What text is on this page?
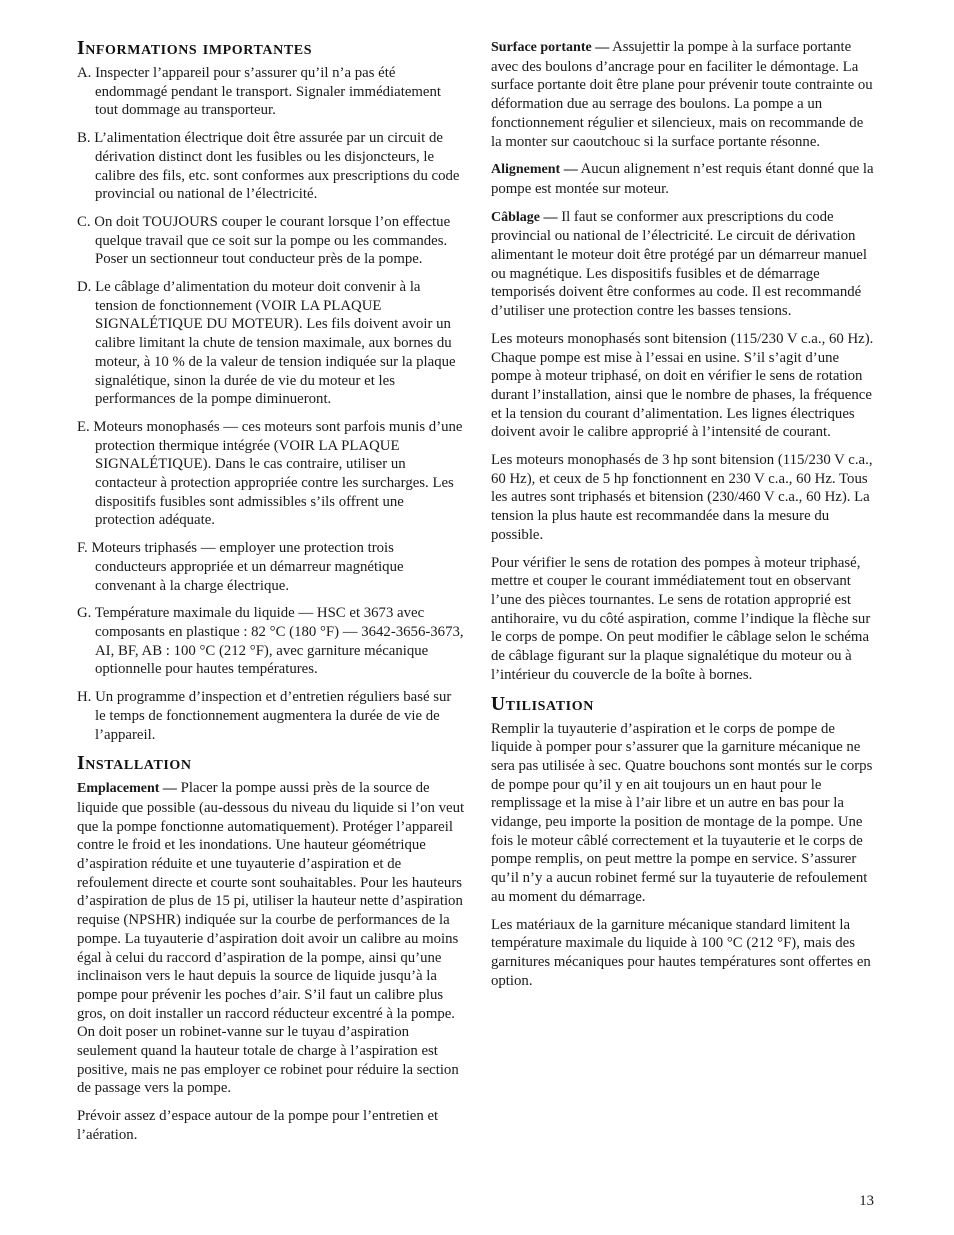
Informations importantes

A. Inspecter l’appareil pour s’assurer qu’il n’a pas été endommagé pendant le transport. Signaler immédiatement tout dommage au transporteur.

B. L’alimentation électrique doit être assurée par un circuit de dérivation distinct dont les fusibles ou les disjoncteurs, le calibre des fils, etc. sont conformes aux prescriptions du code provincial ou national de l’électricité.

C. On doit TOUJOURS couper le courant lorsque l’on effectue quelque travail que ce soit sur la pompe ou les commandes. Poser un sectionneur tout conducteur près de la pompe.

D. Le câblage d’alimentation du moteur doit convenir à la tension de fonctionnement (VOIR LA PLAQUE SIGNALÉTIQUE DU MOTEUR). Les fils doivent avoir un calibre limitant la chute de tension maximale, aux bornes du moteur, à 10 % de la valeur de tension indiquée sur la plaque signalétique, sinon la durée de vie du moteur et les performances de la pompe diminueront.

E. Moteurs monophasés — ces moteurs sont parfois munis d’une protection thermique intégrée (VOIR LA PLAQUE SIGNALÉTIQUE). Dans le cas contraire, utiliser un contacteur à protection appropriée contre les surcharges. Les dispositifs fusibles sont admissibles s’ils offrent une protection adéquate.

F. Moteurs triphasés — employer une protection trois conducteurs appropriée et un démarreur magnétique convenant à la charge électrique.

G. Température maximale du liquide — HSC et 3673 avec composants en plastique : 82 °C (180 °F) — 3642-3656-3673, AI, BF, AB : 100 °C (212 °F), avec garniture mécanique optionnelle pour hautes températures.

H. Un programme d’inspection et d’entretien réguliers basé sur le temps de fonctionnement augmentera la durée de vie de l’appareil.

Installation

Emplacement — Placer la pompe aussi près de la source de liquide que possible (au-dessous du niveau du liquide si l’on veut que la pompe fonctionne automatiquement). Protéger l’appareil contre le froid et les inondations. Une hauteur géométrique d’aspiration réduite et une tuyauterie d’aspiration et de refoulement directe et courte sont souhaitables. Pour les hauteurs d’aspiration de plus de 15 pi, utiliser la hauteur nette d’aspiration requise (NPSHR) indiquée sur la courbe de performances de la pompe. La tuyauterie d’aspiration doit avoir un calibre au moins égal à celui du raccord d’aspiration de la pompe, ainsi qu’une inclinaison vers le haut depuis la source de liquide jusqu’à la pompe pour prévenir les poches d’air. S’il faut un calibre plus gros, on doit installer un raccord réducteur excentré à la pompe. On doit poser un robinet-vanne sur le tuyau d’aspiration seulement quand la hauteur totale de charge à l’aspiration est positive, mais ne pas employer ce robinet pour réduire la section de passage vers la pompe.

Prévoir assez d’espace autour de la pompe pour l’entretien et l’aération.

Surface portante — Assujettir la pompe à la surface portante avec des boulons d’ancrage pour en faciliter le démontage. La surface portante doit être plane pour prévenir toute contrainte ou déformation due au serrage des boulons. La pompe a un fonctionnement régulier et silencieux, mais on recommande de la monter sur caoutchouc si la surface portante résonne.

Alignement — Aucun alignement n’est requis étant donné que la pompe est montée sur moteur.

Câblage — Il faut se conformer aux prescriptions du code provincial ou national de l’électricité. Le circuit de dérivation alimentant le moteur doit être protégé par un démarreur manuel ou magnétique. Les dispositifs fusibles et de démarrage temporisés doivent être conformes au code. Il est recommandé d’utiliser une protection contre les basses tensions.

Les moteurs monophasés sont bitension (115/230 V c.a., 60 Hz). Chaque pompe est mise à l’essai en usine. S’il s’agit d’une pompe à moteur triphasé, on doit en vérifier le sens de rotation durant l’installation, ainsi que le nombre de phases, la fréquence et la tension du courant d’alimentation. Les lignes électriques doivent avoir le calibre approprié à l’intensité de courant.

Les moteurs monophasés de 3 hp sont bitension (115/230 V c.a., 60 Hz), et ceux de 5 hp fonctionnent en 230 V c.a., 60 Hz. Tous les autres sont triphasés et bitension (230/460 V c.a., 60 Hz). La tension la plus haute est recommandée dans la mesure du possible.

Pour vérifier le sens de rotation des pompes à moteur triphasé, mettre et couper le courant immédiatement tout en observant l’une des pièces tournantes. Le sens de rotation approprié est antihoraire, vu du côté aspiration, comme l’indique la flèche sur le corps de pompe. On peut modifier le câblage selon le schéma de câblage figurant sur la plaque signalétique du moteur ou à l’intérieur du couvercle de la boîte à bornes.

Utilisation

Remplir la tuyauterie d’aspiration et le corps de pompe de liquide à pomper pour s’assurer que la garniture mécanique ne sera pas utilisée à sec. Quatre bouchons sont montés sur le corps de pompe pour qu’il y en ait toujours un en haut pour le remplissage et la mise à l’air libre et un autre en bas pour la vidange, peu importe la position de montage de la pompe. Une fois le moteur câblé correctement et la tuyauterie et le corps de pompe remplis, on peut mettre la pompe en service. S’assurer qu’il n’y a aucun robinet fermé sur la tuyauterie de refoulement au moment du démarrage.

Les matériaux de la garniture mécanique standard limitent la température maximale du liquide à 100 °C (212 °F), mais des garnitures mécaniques pour hautes températures sont offertes en option.

13
